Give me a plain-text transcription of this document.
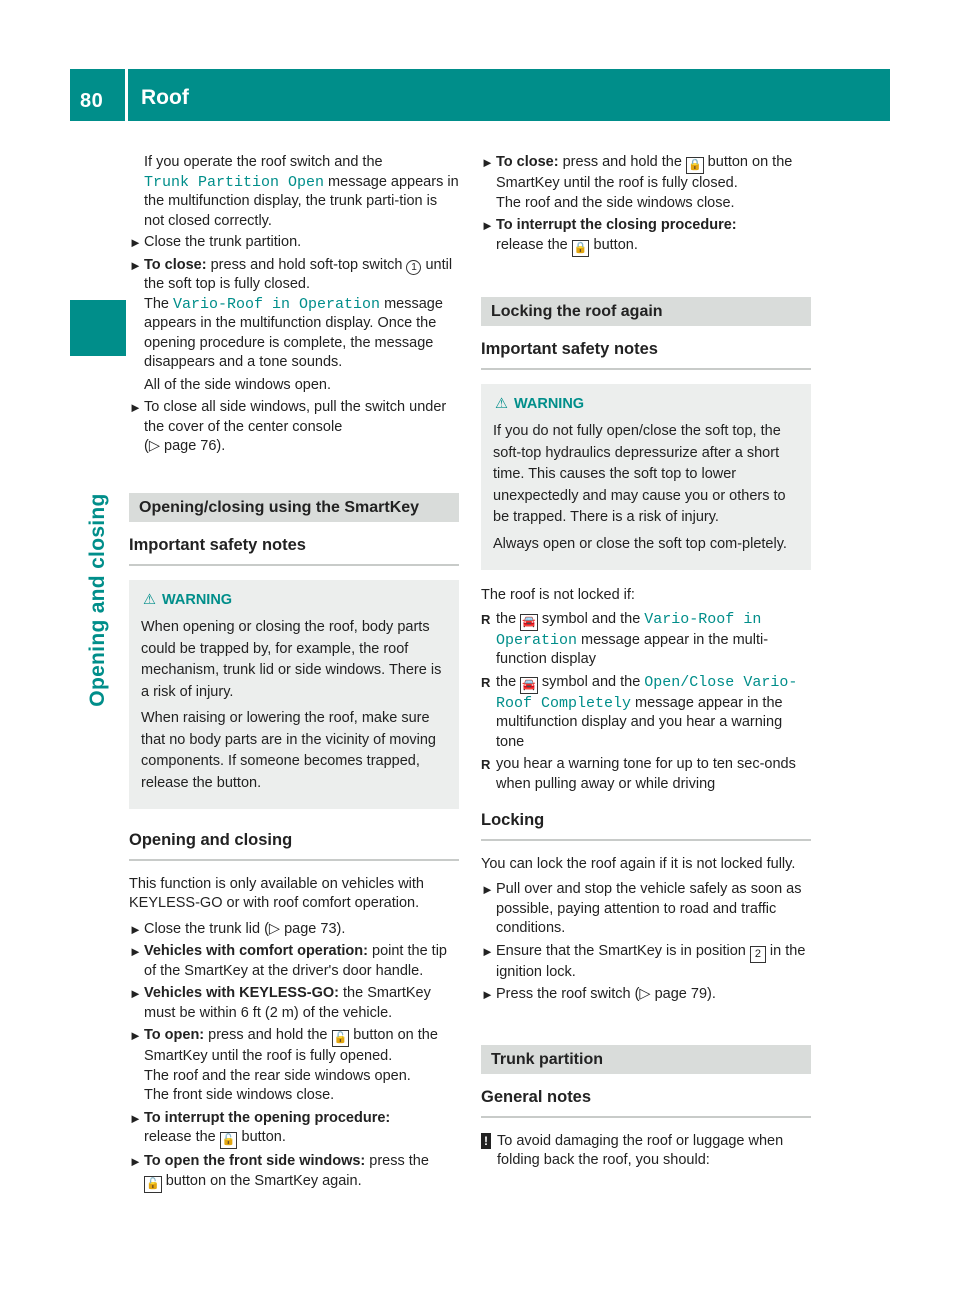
80 Roof
Opening and closing
If you operate the roof switch and the
Trunk Partition Open message appears in the multifunction display, the trunk parti-tion is not closed correctly.
► Close the trunk partition.
► To close: press and hold soft-top switch 1 until the soft top is fully closed.
The Vario-Roof in Operation message appears in the multifunction display. Once the opening procedure is complete, the message disappears and a tone sounds.
All of the side windows open.
► To close all side windows, pull the switch under the cover of the center console
(▷ page 76).
Opening/closing using the SmartKey
Important safety notes
⚠ WARNING

When opening or closing the roof, body parts could be trapped by, for example, the roof mechanism, trunk lid or side windows. There is a risk of injury.

When raising or lowering the roof, make sure that no body parts are in the vicinity of moving components. If someone becomes trapped, release the button.

Opening and closing
This function is only available on vehicles with KEYLESS-GO or with roof comfort operation.
► Close the trunk lid (▷ page 73).
► Vehicles with comfort operation: point the tip of the SmartKey at the driver's door handle.
► Vehicles with KEYLESS-GO: the SmartKey must be within 6 ft (2 m) of the vehicle.
► To open: press and hold the 🔓 button on the SmartKey until the roof is fully opened.
The roof and the rear side windows open.
The front side windows close.
► To interrupt the opening procedure:
release the 🔓 button.
► To open the front side windows: press the
🔓 button on the SmartKey again.
► To close: press and hold the 🔒 button on the SmartKey until the roof is fully closed.
The roof and the side windows close.
► To interrupt the closing procedure:
release the 🔒 button.
Locking the roof again
Important safety notes
⚠ WARNING

If you do not fully open/close the soft top, the soft-top hydraulics depressurize after a short time. This causes the soft top to lower unexpectedly and may cause you or others to be trapped. There is a risk of injury.

Always open or close the soft top com-pletely.

The roof is not locked if:
R the 🚘 symbol and the Vario-Roof in Operation message appear in the multi-function display
R the 🚘 symbol and the Open/Close Vario-Roof Completely message appear in the multifunction display and you hear a warning tone
R you hear a warning tone for up to ten sec-onds when pulling away or while driving
Locking
You can lock the roof again if it is not locked fully.
► Pull over and stop the vehicle safely as soon as possible, paying attention to road and traffic conditions.
► Ensure that the SmartKey is in position 2 in the ignition lock.
► Press the roof switch (▷ page 79).
Trunk partition
General notes
! To avoid damaging the roof or luggage when folding back the roof, you should:
